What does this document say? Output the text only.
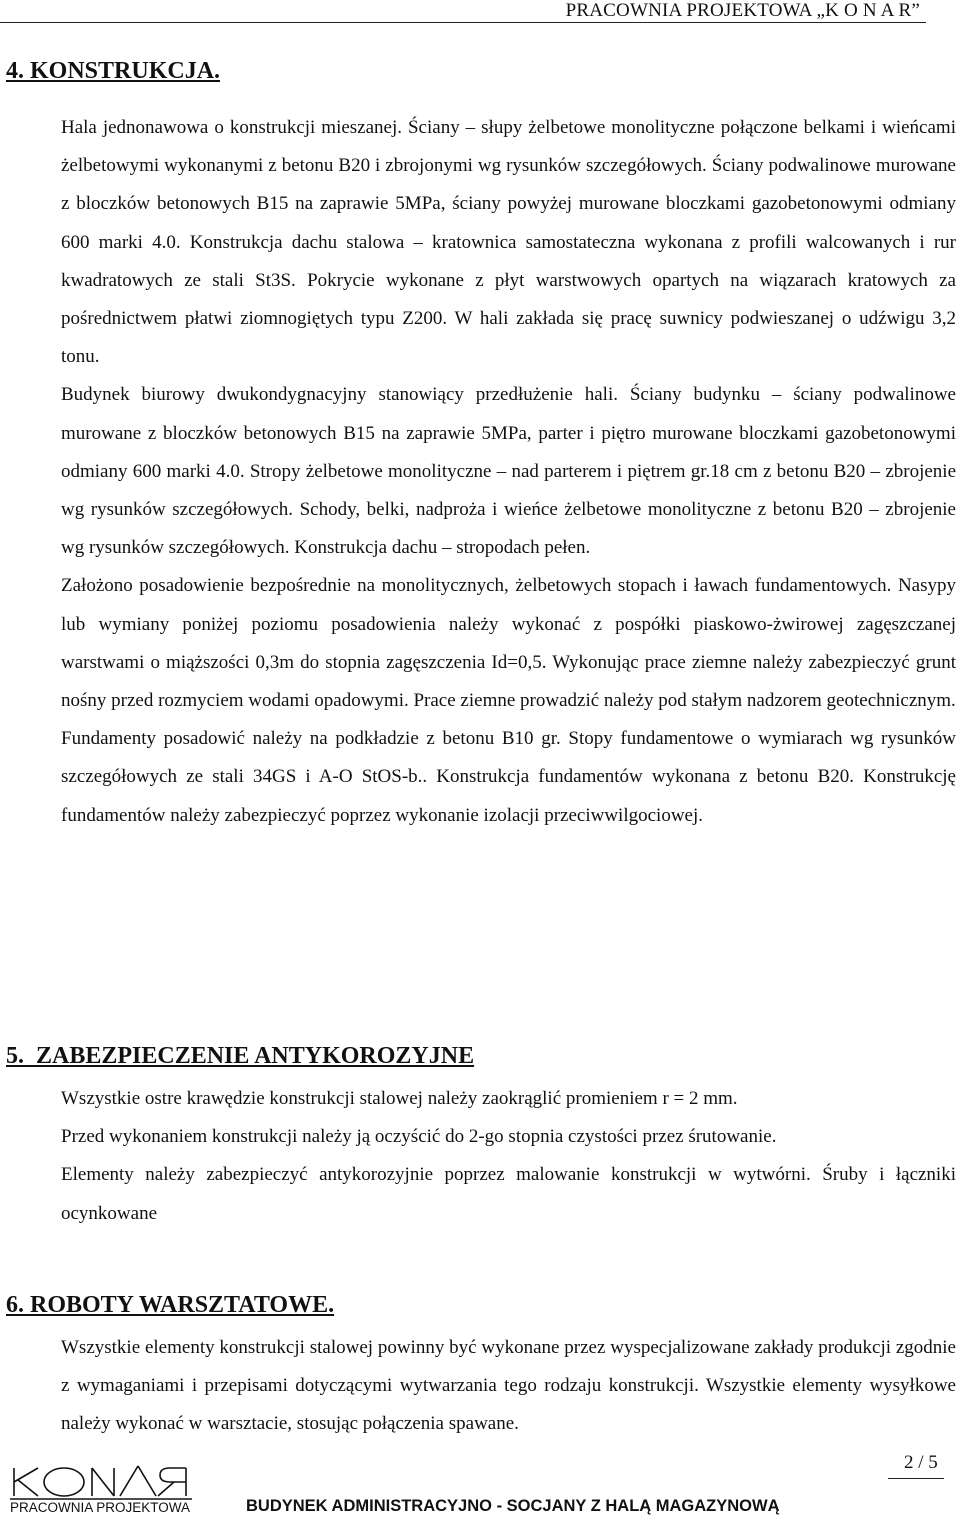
PRACOWNIA PROJEKTOWA „K O N A R”
4. KONSTRUKCJA.

Hala jednonawowa o konstrukcji mieszanej. Ściany – słupy żelbetowe monolityczne połączone belkami i wieńcami żelbetowymi wykonanymi z betonu B20 i zbrojonymi wg rysunków szczegółowych. Ściany podwalinowe murowane z bloczków betonowych B15 na zaprawie 5MPa, ściany powyżej murowane bloczkami gazobetonowymi odmiany 600 marki 4.0. Konstrukcja dachu stalowa – kratownica samostateczna wykonana z profili walcowanych i rur kwadratowych ze stali St3S. Pokrycie wykonane z płyt warstwowych opartych na wiązarach kratowych za pośrednictwem płatwi ziomnogiętych typu Z200. W hali zakłada się pracę suwnicy podwieszanej o udźwigu 3,2 tonu.

Budynek biurowy dwukondygnacyjny stanowiący przedłużenie hali. Ściany budynku – ściany podwalinowe murowane z bloczków betonowych B15 na zaprawie 5MPa, parter i piętro murowane bloczkami gazobetonowymi odmiany 600 marki 4.0. Stropy żelbetowe monolityczne – nad parterem i piętrem gr.18 cm z betonu B20 – zbrojenie wg rysunków szczegółowych. Schody, belki, nadproża i wieńce żelbetowe monolityczne z betonu B20 – zbrojenie wg rysunków szczegółowych. Konstrukcja dachu – stropodach pełen.

Założono posadowienie bezpośrednie na monolitycznych, żelbetowych stopach i ławach fundamentowych. Nasypy lub wymiany poniżej poziomu posadowienia należy wykonać z pospółki piaskowo-żwirowej zagęszczanej warstwami o miąższości 0,3m do stopnia zagęszczenia Id=0,5. Wykonując prace ziemne należy zabezpieczyć grunt nośny przed rozmyciem wodami opadowymi. Prace ziemne prowadzić należy pod stałym nadzorem geotechnicznym.

Fundamenty posadowić należy na podkładzie z betonu B10 gr. Stopy fundamentowe o wymiarach wg rysunków szczegółowych ze stali 34GS i A-O StOS-b.. Konstrukcja fundamentów wykonana z betonu B20. Konstrukcję fundamentów należy zabezpieczyć poprzez wykonanie izolacji przeciwwilgociowej.

5.  ZABEZPIECZENIE ANTYKOROZYJNE

Wszystkie ostre krawędzie konstrukcji stalowej należy zaokrąglić promieniem r = 2 mm.

Przed wykonaniem konstrukcji należy ją oczyścić do 2-go stopnia czystości przez śrutowanie.

Elementy należy zabezpieczyć antykorozyjnie poprzez malowanie konstrukcji w wytwórni. Śruby i łączniki ocynkowane

6. ROBOTY WARSZTATOWE.

Wszystkie elementy konstrukcji stalowej powinny być wykonane przez wyspecjalizowane zakłady produkcji zgodnie z wymaganiami i przepisami dotyczącymi wytwarzania tego rodzaju konstrukcji. Wszystkie elementy wysyłkowe należy wykonać w warsztacie, stosując połączenia spawane.

2 / 5
PRACOWNIA PROJEKTOWA	BUDYNEK ADMINISTRACYJNO - SOCJANY Z HALĄ MAGAZYNOWĄ
